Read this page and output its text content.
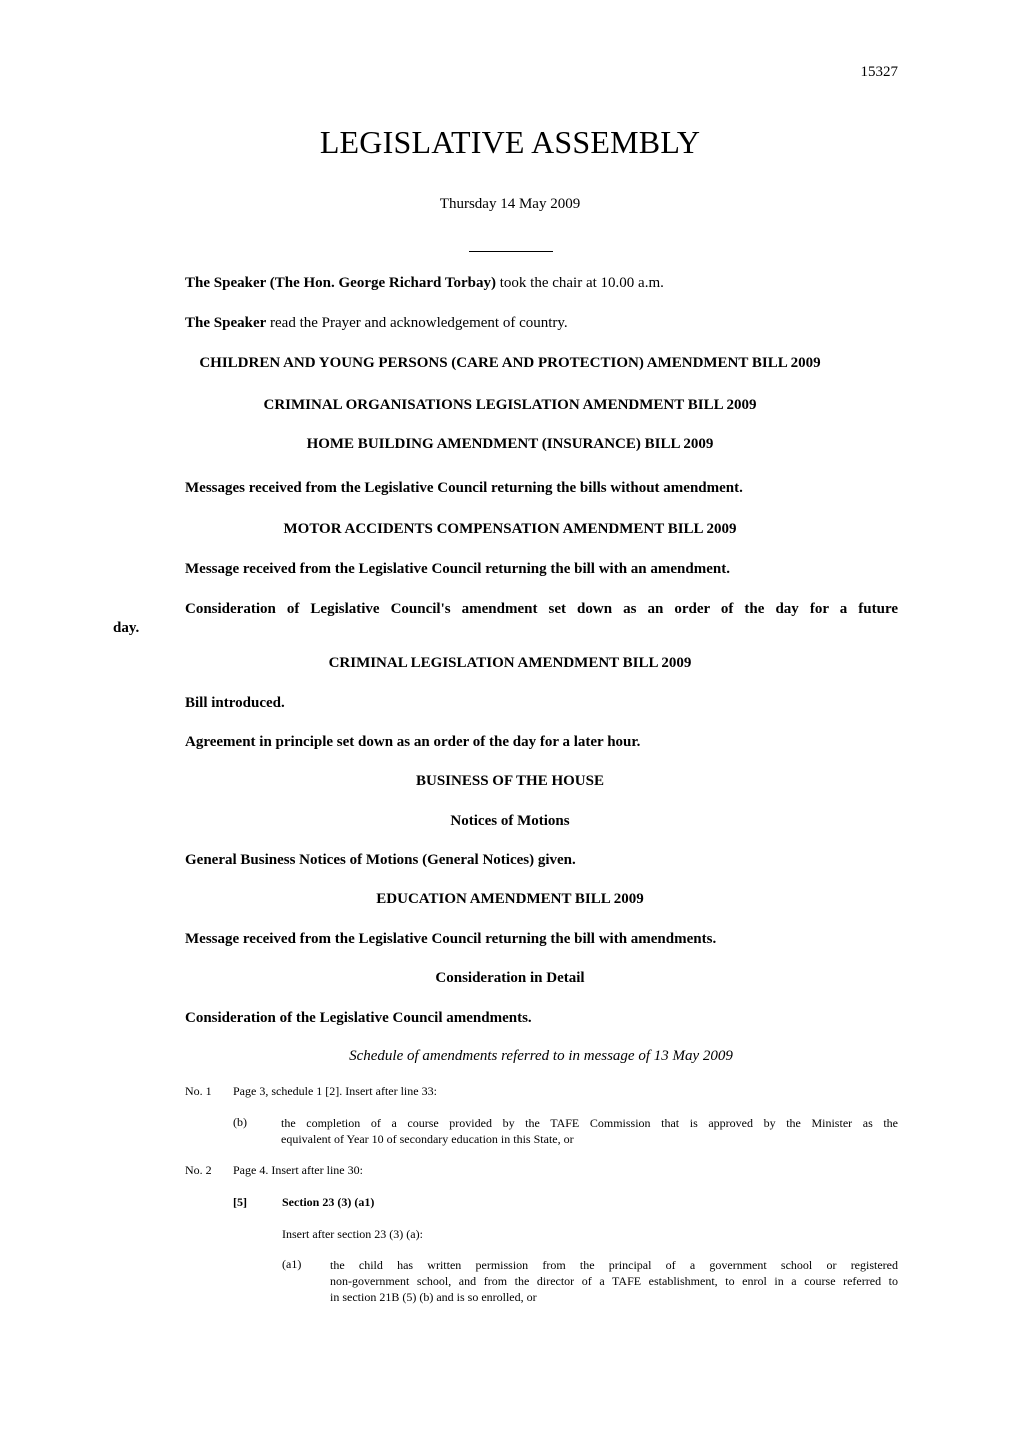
15327
LEGISLATIVE ASSEMBLY
Thursday 14 May 2009
The Speaker (The Hon. George Richard Torbay) took the chair at 10.00 a.m.
The Speaker read the Prayer and acknowledgement of country.
CHILDREN AND YOUNG PERSONS (CARE AND PROTECTION) AMENDMENT BILL 2009
CRIMINAL ORGANISATIONS LEGISLATION AMENDMENT BILL 2009
HOME BUILDING AMENDMENT (INSURANCE) BILL 2009
Messages received from the Legislative Council returning the bills without amendment.
MOTOR ACCIDENTS COMPENSATION AMENDMENT BILL 2009
Message received from the Legislative Council returning the bill with an amendment.
Consideration of Legislative Council's amendment set down as an order of the day for a future
day.
CRIMINAL LEGISLATION AMENDMENT BILL 2009
Bill introduced.
Agreement in principle set down as an order of the day for a later hour.
BUSINESS OF THE HOUSE
Notices of Motions
General Business Notices of Motions (General Notices) given.
EDUCATION AMENDMENT BILL 2009
Message received from the Legislative Council returning the bill with amendments.
Consideration in Detail
Consideration of the Legislative Council amendments.
Schedule of amendments referred to in message of 13 May 2009
No. 1 Page 3, schedule 1 [2]. Insert after line 33:
(b)	the completion of a course provided by the TAFE Commission that is approved by the Minister as the
equivalent of Year 10 of secondary education in this State, or
No. 2 Page 4. Insert after line 30:
[5]	Section 23 (3) (a1)
Insert after section 23 (3) (a):
(a1) the child has written permission from the principal of a government school or registered
non-government school, and from the director of a TAFE establishment, to enrol in a course referred to
in section 21B (5) (b) and is so enrolled, or
